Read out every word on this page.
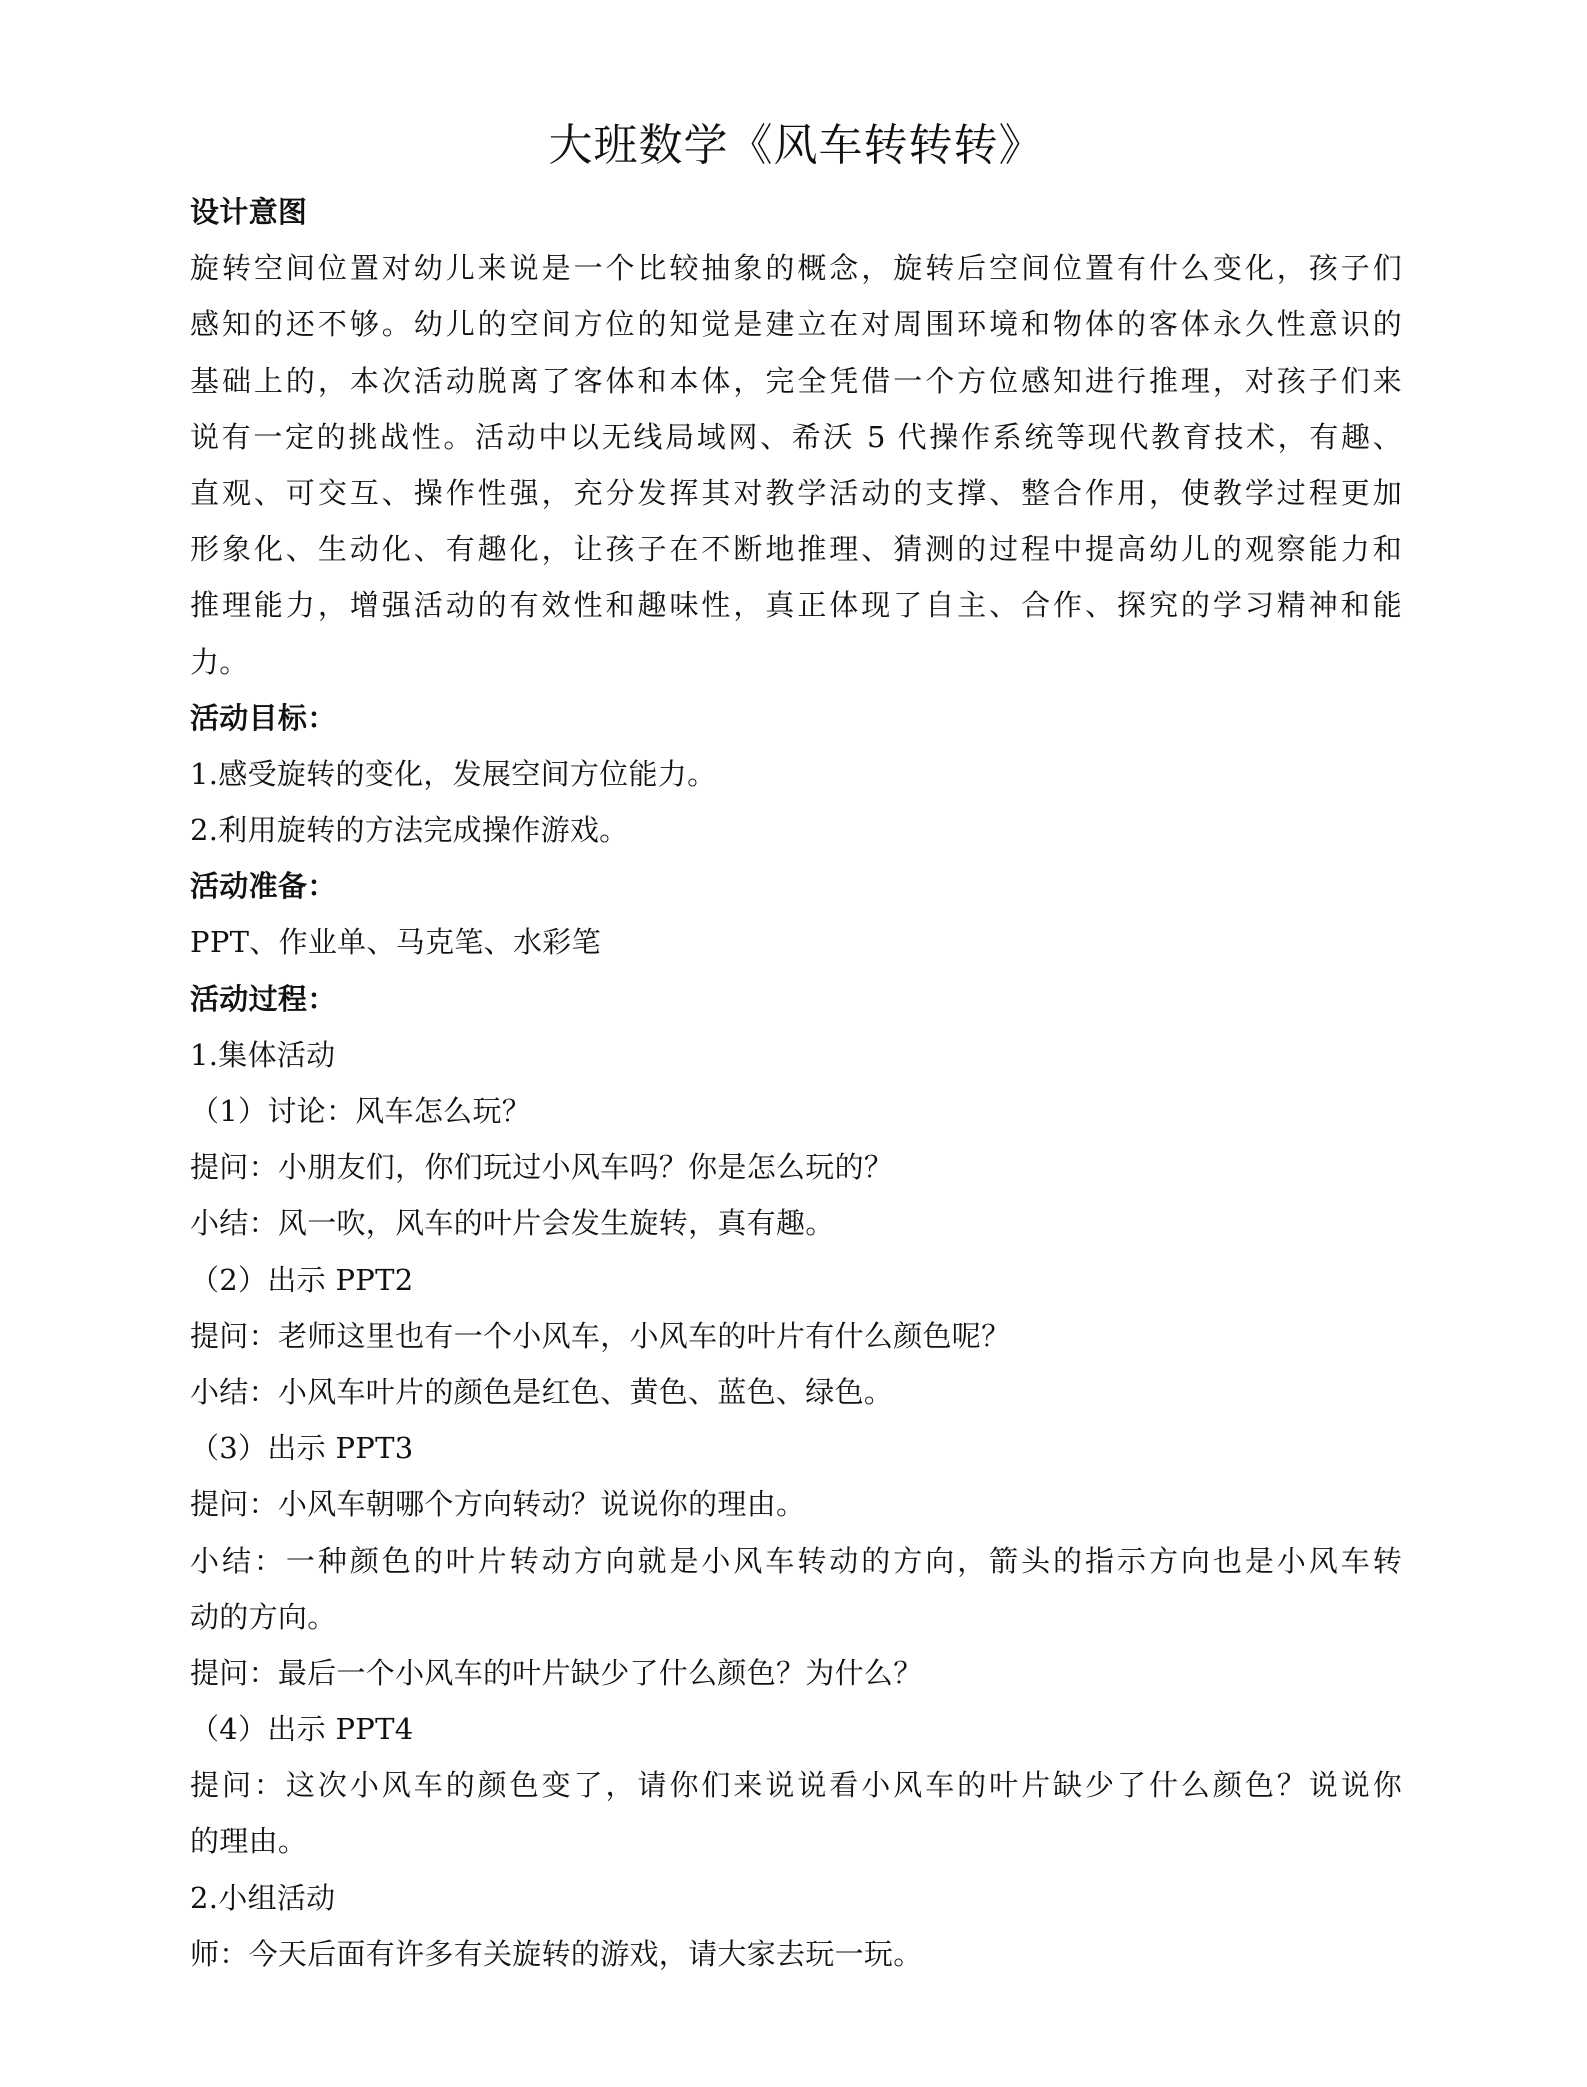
大班数学《风车转转转》
设计意图
旋转空间位置对幼儿来说是一个比较抽象的概念，旋转后空间位置有什么变化，孩子们
感知的还不够。幼儿的空间方位的知觉是建立在对周围环境和物体的客体永久性意识的
基础上的，本次活动脱离了客体和本体，完全凭借一个方位感知进行推理，对孩子们来
说有一定的挑战性。活动中以无线局域网、希沃 5 代操作系统等现代教育技术，有趣、
直观、可交互、操作性强，充分发挥其对教学活动的支撑、整合作用，使教学过程更加
形象化、生动化、有趣化，让孩子在不断地推理、猜测的过程中提高幼儿的观察能力和
推理能力，增强活动的有效性和趣味性，真正体现了自主、合作、探究的学习精神和能
力。
活动目标：
1.感受旋转的变化，发展空间方位能力。
2.利用旋转的方法完成操作游戏。
活动准备：
PPT、作业单、马克笔、水彩笔
活动过程：
1.集体活动
（1）讨论：风车怎么玩？
提问：小朋友们，你们玩过小风车吗？你是怎么玩的？
小结：风一吹，风车的叶片会发生旋转，真有趣。
（2）出示 PPT2
提问：老师这里也有一个小风车，小风车的叶片有什么颜色呢？
小结：小风车叶片的颜色是红色、黄色、蓝色、绿色。
（3）出示 PPT3
提问：小风车朝哪个方向转动？说说你的理由。
小结：一种颜色的叶片转动方向就是小风车转动的方向，箭头的指示方向也是小风车转
动的方向。
提问：最后一个小风车的叶片缺少了什么颜色？为什么？
（4）出示 PPT4
提问：这次小风车的颜色变了，请你们来说说看小风车的叶片缺少了什么颜色？说说你
的理由。
2.小组活动
师：今天后面有许多有关旋转的游戏，请大家去玩一玩。
